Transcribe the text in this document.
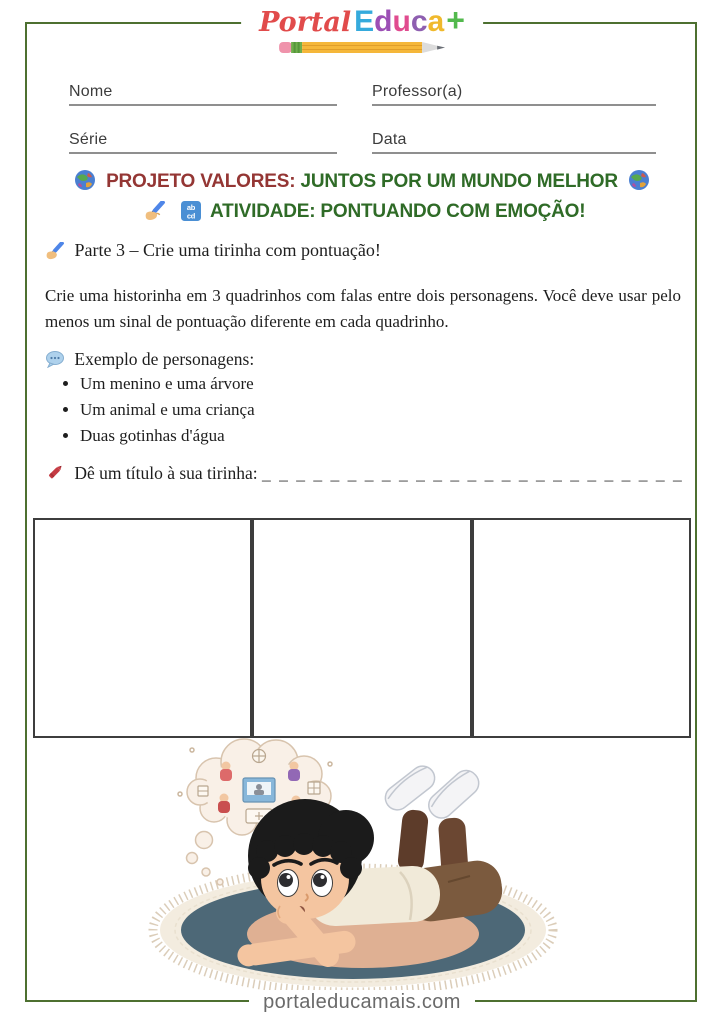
Portal Educa +
Nome	Professor(a)
Série	Data
PROJETO VALORES: JUNTOS POR UM MUNDO MELHOR

ab
cd ATIVIDADE: PONTUANDO COM EMOÇÃO!
Parte 3 – Crie uma tirinha com pontuação!
Crie uma historinha em 3 quadrinhos com falas entre dois personagens. Você deve usar pelo menos um sinal de pontuação diferente em cada quadrinho.
Exemplo de personagens:
• Um menino e uma árvore
• Um animal e uma criança
• Duas gotinhas d'água
Dê um título à sua tirinha: _ _ _ _ _ _ _ _ _ _ _ _ _ _ _ _ _ _ _ _ _ _ _ _ _
portaleducamais.com
